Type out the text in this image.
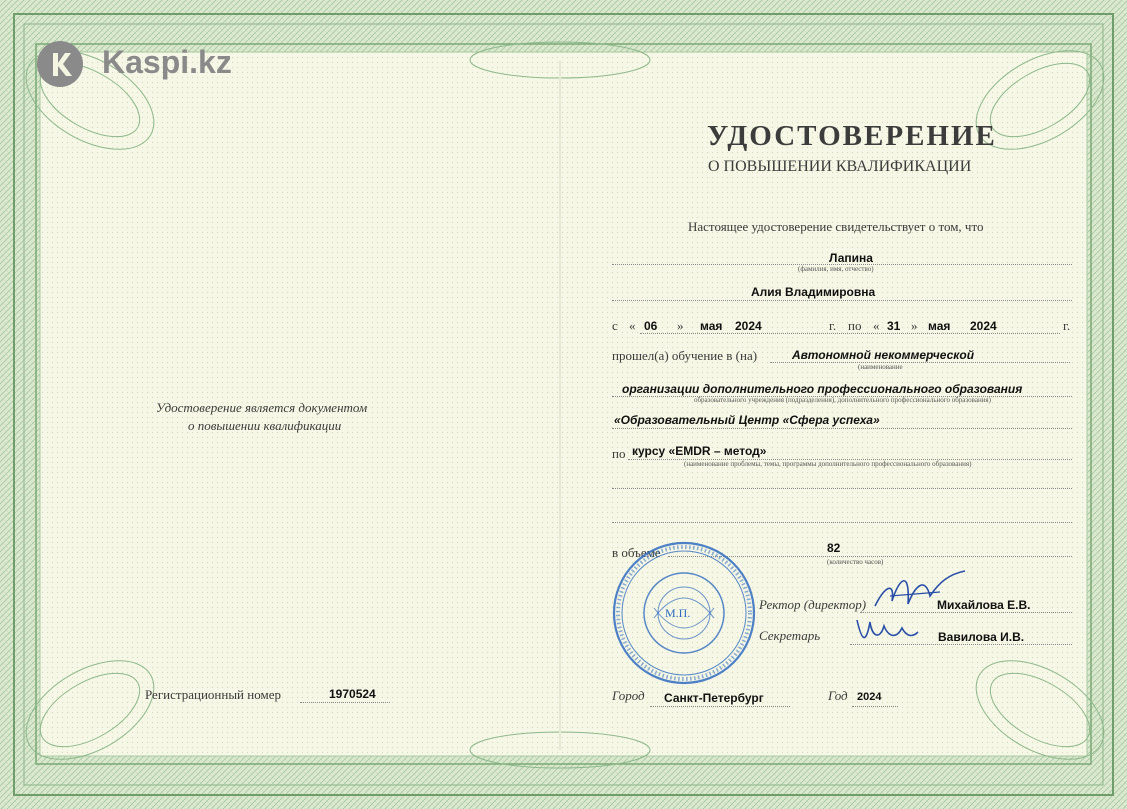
Kaspi.kz
УДОСТОВЕРЕНИЕ
О ПОВЫШЕНИИ КВАЛИФИКАЦИИ
Настоящее удостоверение свидетельствует о том, что
Лапина
(фамилия, имя, отчество)
Алия Владимировна
с « 06 » мая 2024	г. по « 31 » мая 2024	г.
прошел(а) обучение в (на)	Автономной некоммерческой
(наименование
организации дополнительного профессионального образования
образовательного учреждения (подразделения), дополнительного профессионального образования)
«Образовательный Центр «Сфера успеха»
по курсу «EMDR – метод»
(наименование проблемы, темы, программы дополнительного профессионального образования)
в объеме	82
(количество часов)
Удостоверение является документом
о повышении квалификации
Регистрационный номер	1970524
М.П.
Ректор (директор)	Михайлова Е.В.
Секретарь	Вавилова И.В.
Город Санкт-Петербург	Год 2024
